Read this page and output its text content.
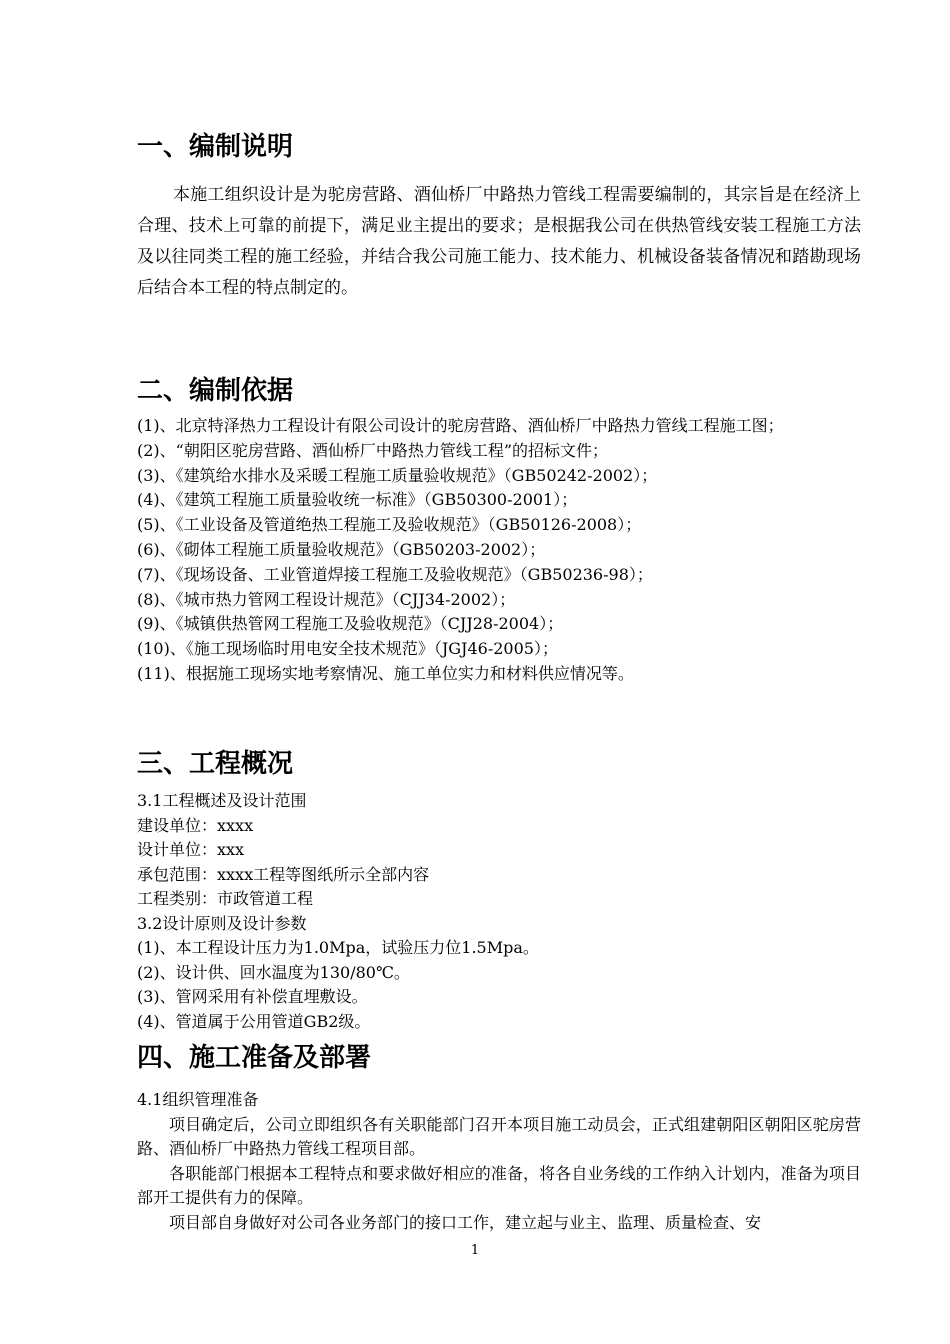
一、编制说明
本施工组织设计是为驼房营路、酒仙桥厂中路热力管线工程需要编制的，其宗旨是在经济上合理、技术上可靠的前提下，满足业主提出的要求；是根据我公司在供热管线安装工程施工方法及以往同类工程的施工经验，并结合我公司施工能力、技术能力、机械设备装备情况和踏勘现场后结合本工程的特点制定的。
二、编制依据

(1)、北京特泽热力工程设计有限公司设计的驼房营路、酒仙桥厂中路热力管线工程施工图；

(2)、“朝阳区驼房营路、酒仙桥厂中路热力管线工程”的招标文件；

(3)、《建筑给水排水及采暖工程施工质量验收规范》（GB50242-2002）；

(4)、《建筑工程施工质量验收统一标准》（GB50300-2001）；

(5)、《工业设备及管道绝热工程施工及验收规范》（GB50126-2008）；

(6)、《砌体工程施工质量验收规范》（GB50203-2002）；

(7)、《现场设备、工业管道焊接工程施工及验收规范》（GB50236-98）；

(8)、《城市热力管网工程设计规范》（CJJ34-2002）；

(9)、《城镇供热管网工程施工及验收规范》（CJJ28-2004）；

(10)、《施工现场临时用电安全技术规范》（JGJ46-2005）；

(11)、根据施工现场实地考察情况、施工单位实力和材料供应情况等。

三、工程概况

3.1工程概述及设计范围

建设单位：xxxx

设计单位：xxx

承包范围：xxxx工程等图纸所示全部内容

工程类别：市政管道工程

3.2设计原则及设计参数

(1)、本工程设计压力为1.0Mpa，试验压力位1.5Mpa。

(2)、设计供、回水温度为130/80℃。

(3)、管网采用有补偿直埋敷设。

(4)、管道属于公用管道GB2级。

四、施工准备及部署

4.1组织管理准备

项目确定后，公司立即组织各有关职能部门召开本项目施工动员会，正式组建朝阳区朝阳区驼房营路、酒仙桥厂中路热力管线工程项目部。

各职能部门根据本工程特点和要求做好相应的准备，将各自业务线的工作纳入计划内，准备为项目部开工提供有力的保障。

项目部自身做好对公司各业务部门的接口工作，建立起与业主、监理、质量检查、安

1
